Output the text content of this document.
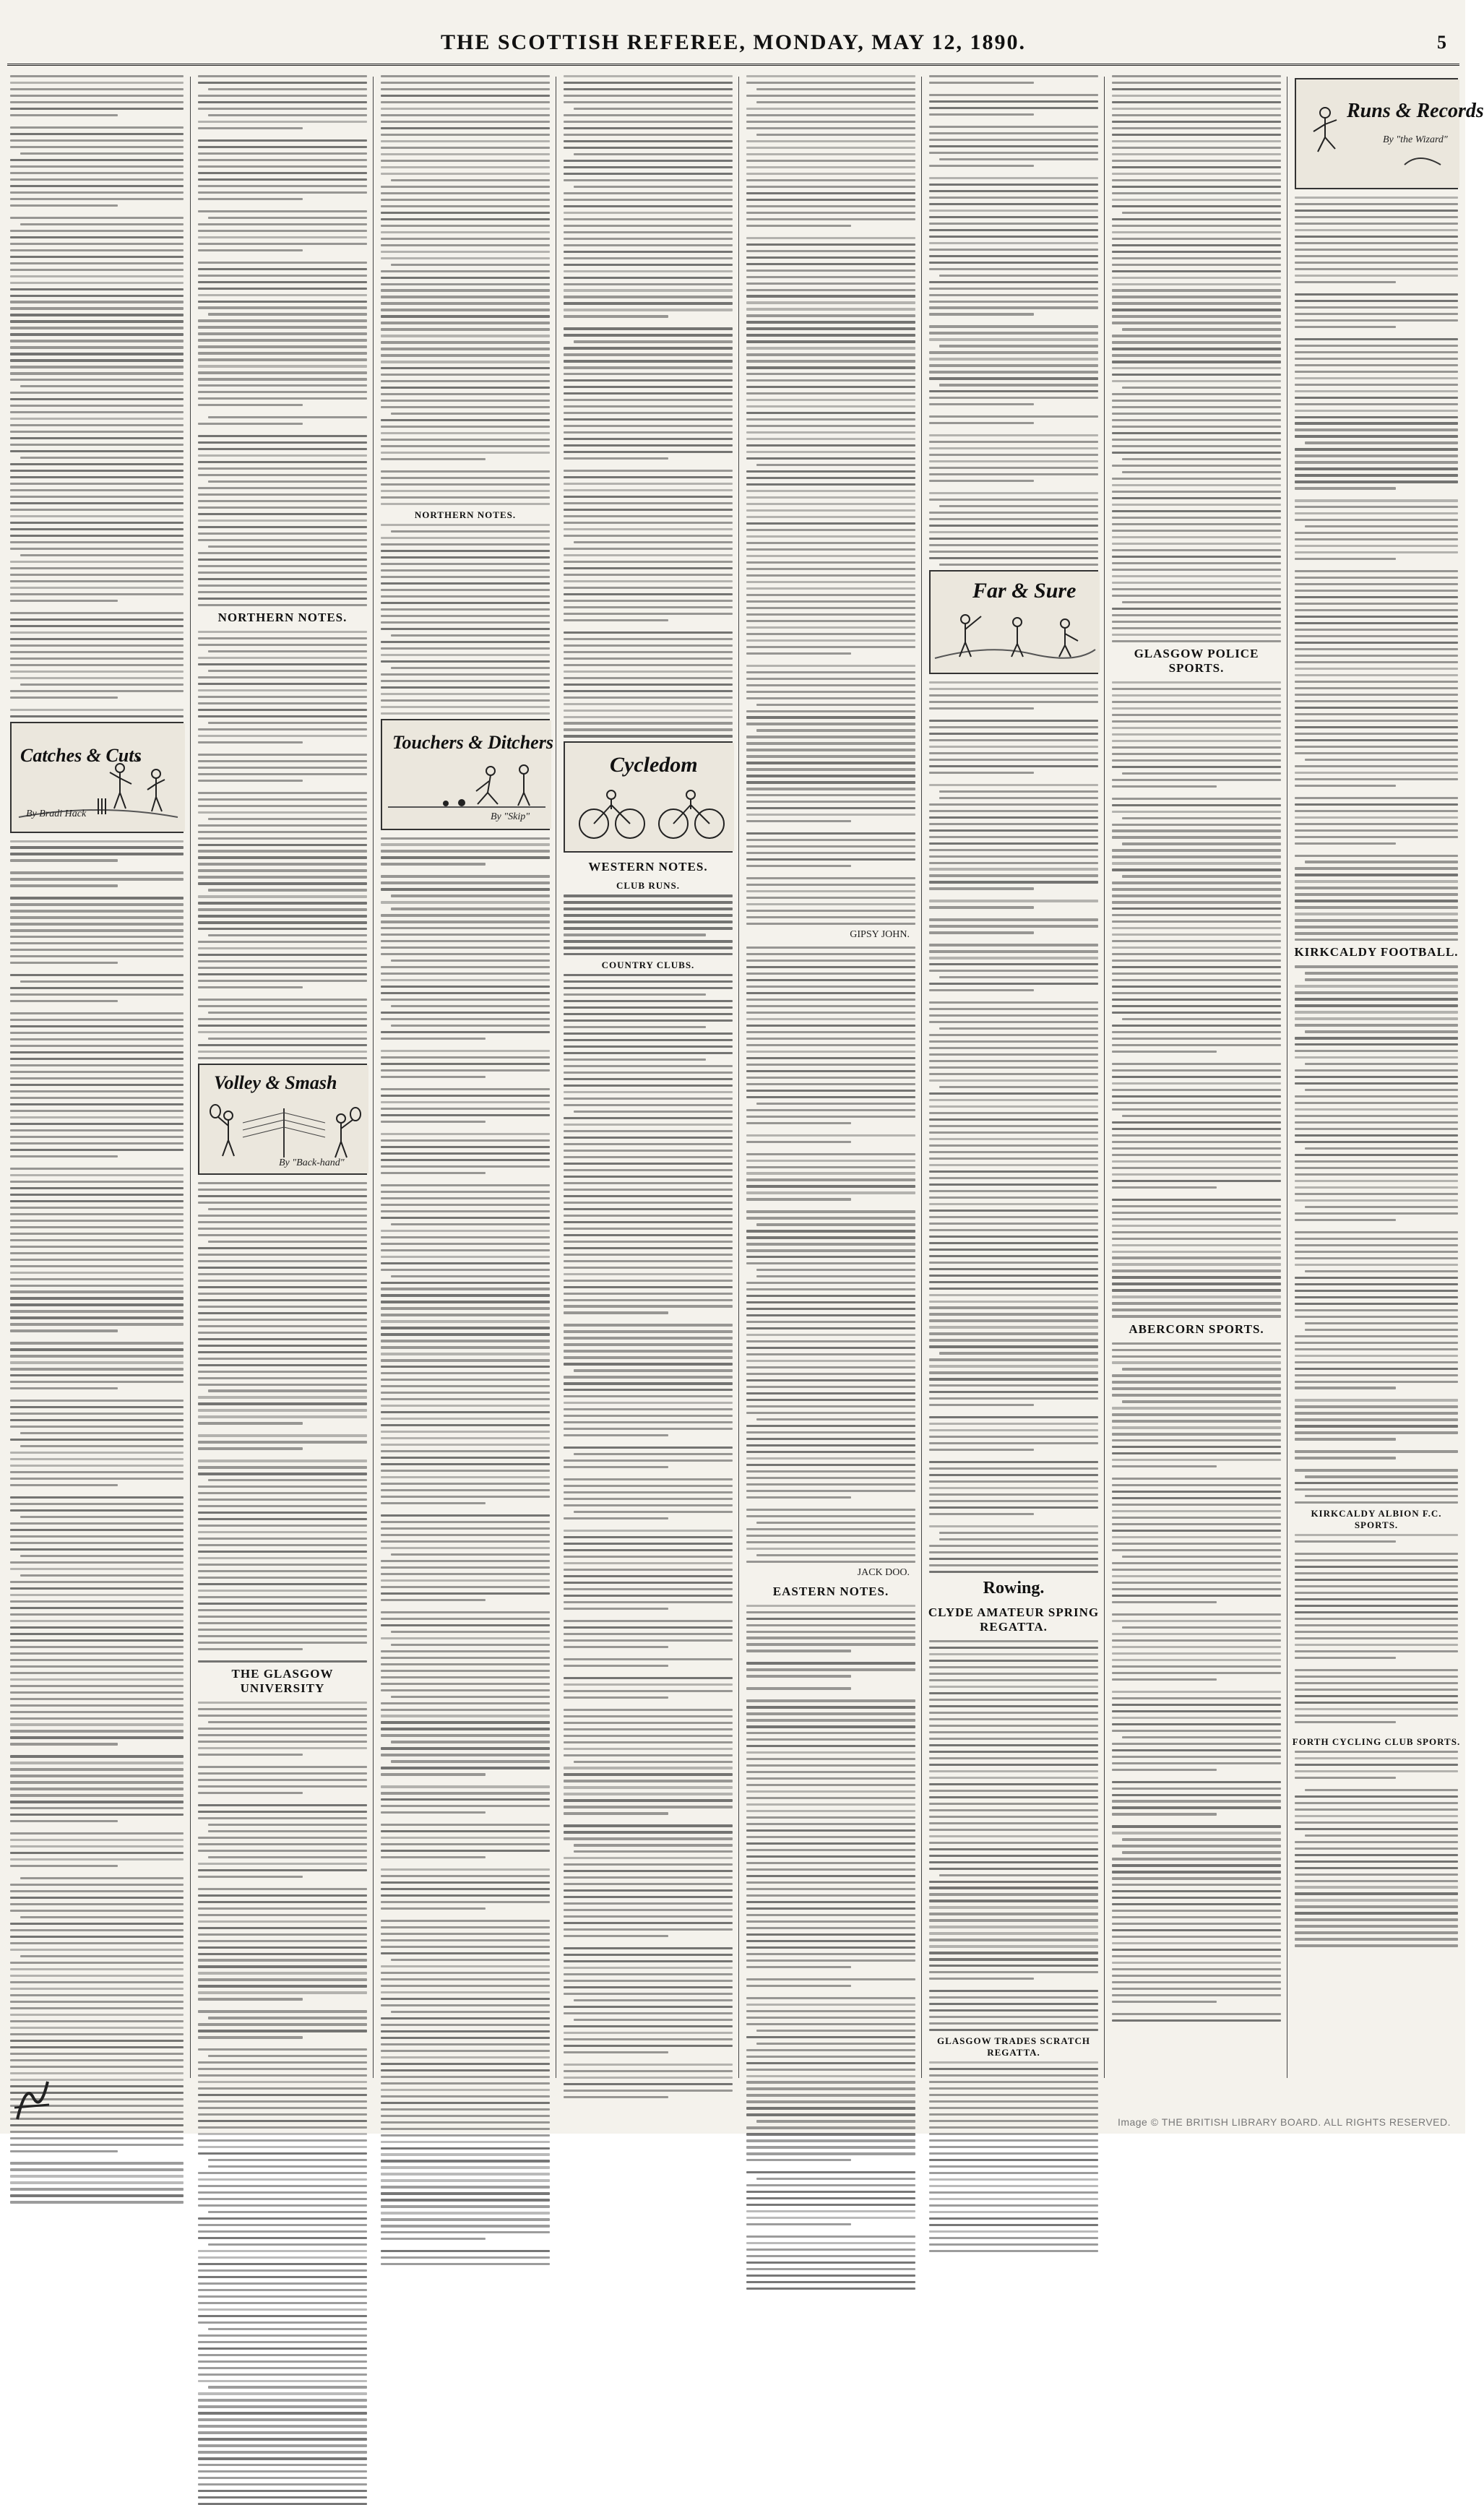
THE SCOTTISH REFEREE, MONDAY, MAY 12, 1890.	5
Catches & Cuts
By Bradi Hack
NORTHERN NOTES.
Volley & Smash
By "Back-hand"
THE GLASGOW UNIVERSITY
NORTHERN NOTES.
Touchers & Ditchers
By "Skip"
Cycledom
WESTERN NOTES.
CLUB RUNS.
COUNTRY CLUBS.
GIPSY JOHN.
JACK DOO.
EASTERN NOTES.
Far & Sure
Rowing.
CLYDE AMATEUR SPRING REGATTA.
GLASGOW TRADES SCRATCH REGATTA.
GLASGOW POLICE SPORTS.
ABERCORN SPORTS.
Runs & Records
By "the Wizard"
KIRKCALDY FOOTBALL.
KIRKCALDY ALBION F.C. SPORTS.
FORTH CYCLING CLUB SPORTS.
Image © THE BRITISH LIBRARY BOARD. ALL RIGHTS RESERVED.
